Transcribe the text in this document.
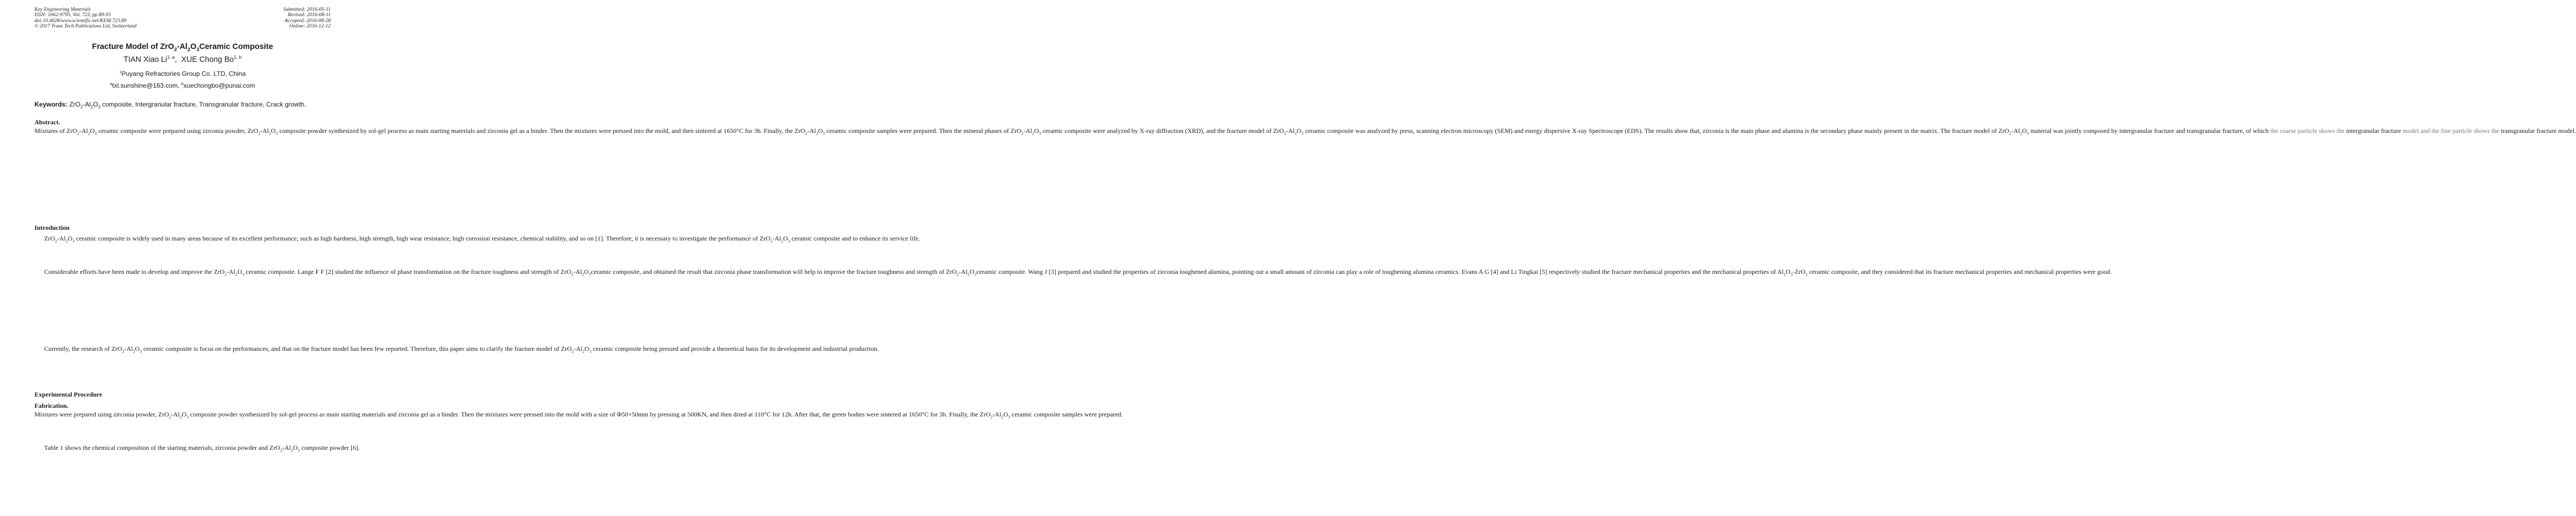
Key Engineering Materials
ISSN: 1662-9795, Vol. 723, pp 89-93
doi:10.4028/www.scientific.net/KEM.723.89
© 2017 Trans Tech Publications Ltd, Switzerland
Submitted: 2016-05-11
Revised: 2016-08-11
Accepted: 2016-08-28
Online: 2016-12-12
Fracture Model of $ZrO_2-Al_2O_3Ceramic$ Composite
TIAN Xiao Li$^{1, a}$,  XUE Chong Bo$^{1, b}$
$^1$Puyang Refractories Group Co. LTD, China
$^a$txl.sunshine@163.com, $^b$xuechongbo@punai.com
Keywords: $ZrO_2-Al_2O_3$ composite, Intergranular fracture, Transgranular fracture, Crack growth.
Abstract. Mixtures of $ZrO_2-Al_2O_3$ ceramic composite were prepared using zirconia powder, $ZrO_2-Al_2O_3$ composite powder synthesized by sol-gel process as main starting materials and zirconia gel as a binder. Then the mixtures were pressed into the mold, and then sintered at 1650°C for 3h. Finally, the $ZrO_2-Al_2O_3$ ceramic composite samples were prepared. Then the mineral phases of $ZrO_2-Al_2O_3$ ceramic composite were analyzed by X-ray diffraction (XRD), and the fracture model of $ZrO_2-Al_2O_3$ ceramic composite was analyzed by press, scanning electron microscopy (SEM) and energy dispersive X-ray Spectroscope (EDS). The results show that, zirconia is the main phase and alumina is the secondary phase mainly present in the matrix. The fracture model of $ZrO_2-Al_2O_3$ material was jointly composed by intergranular fracture and transgranular fracture, of which the coarse particle shows the intergranular fracture model and the fine particle shows the transgranular fracture model.
Introduction
$ZrO_2-Al_2O_3$ ceramic composite is widely used in many areas because of its excellent performance, such as high hardness, high strength, high wear resistance, high corrosion resistance, chemical stability, and so on [1]. Therefore, it is necessary to investigate the performance of $ZrO_2-Al_2O_3$ ceramic composite and to enhance its service life.
Considerable efforts have been made to develop and improve the $ZrO_2-Al_2O_3$ ceramic composite. Lange F F [2] studied the influence of phase transformation on the fracture toughness and strength of $ZrO_2-Al_2O_3ceramic$ composite, and obtained the result that zirconia phase transformation will help to improve the fracture toughness and strength of $ZrO_2-Al_2O_3ceramic$ composite. Wang J [3] prepared and studied the properties of zirconia toughened alumina, pointing out a small amount of zirconia can play a role of toughening alumina ceramics. Evans A G [4] and Li Tingkai [5] respectively studied the fracture mechanical properties and the mechanical properties of $Al_2O_3-ZrO_2$ ceramic composite, and they considered that its fracture mechanical properties and mechanical properties were good.
Currently, the research of $ZrO_2-Al_2O_3$ ceramic composite is focus on the performances, and that on the fracture model has been few reported. Therefore, this paper aims to clarify the fracture model of $ZrO_2-Al_2O_3$ ceramic composite being pressed and provide a theoretical basis for its development and industrial production.
Experimental Procedure
Fabrication. Mixtures were prepared using zirconia powder, $ZrO_2-Al_2O_3$ composite powder synthesized by sol-gel process as main starting materials and zirconia gel as a binder. Then the mixtures were pressed into the mold with a size of Φ50×50mm by pressing at 500KN, and then dried at 110°C for 12h. After that, the green bodies were sintered at 1650°C for 3h. Finally, the $ZrO_2-Al_2O_3$ ceramic composite samples were prepared.
Table 1 shows the chemical composition of the starting materials, zirconia powder and $ZrO_2-Al_2O_3$ composite powder [6].
